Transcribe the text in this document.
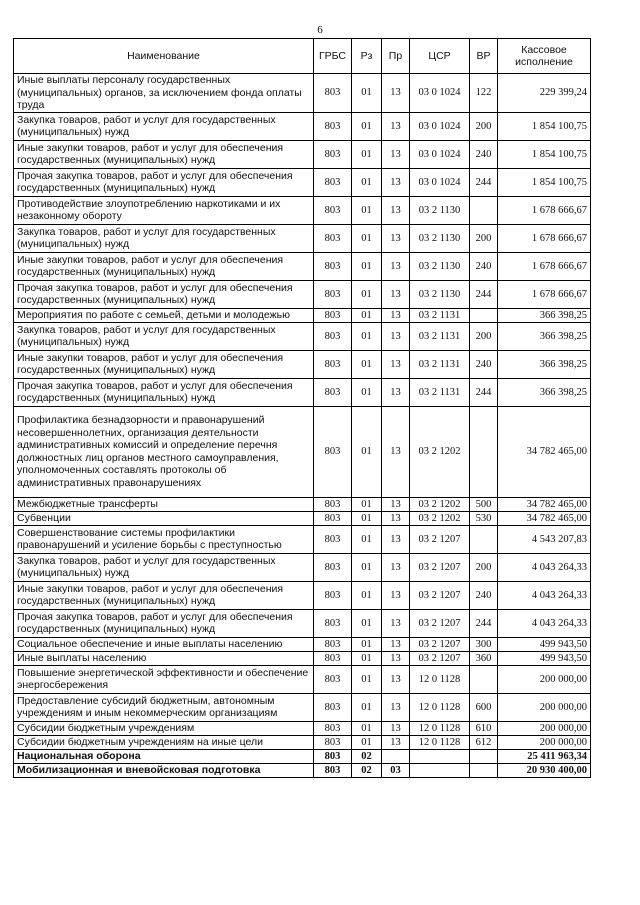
6
Наименование	ГРБС	Рз	Пр	ЦСР	ВР	Кассовое исполнение
Иные выплаты персоналу государственных (муниципальных) органов, за исключением фонда оплаты труда	803	01	13	03 0 1024	122	229 399,24
Закупка товаров, работ и услуг для государственных (муниципальных) нужд	803	01	13	03 0 1024	200	1 854 100,75
Иные закупки товаров, работ и услуг для обеспечения государственных (муниципальных) нужд	803	01	13	03 0 1024	240	1 854 100,75
Прочая закупка товаров, работ и услуг для обеспечения государственных (муниципальных) нужд	803	01	13	03 0 1024	244	1 854 100,75
Противодействие злоупотреблению наркотиками и их незаконному обороту	803	01	13	03 2 1130		1 678 666,67
Закупка товаров, работ и услуг для государственных (муниципальных) нужд	803	01	13	03 2 1130	200	1 678 666,67
Иные закупки товаров, работ и услуг для обеспечения государственных (муниципальных) нужд	803	01	13	03 2 1130	240	1 678 666,67
Прочая закупка товаров, работ и услуг для обеспечения государственных (муниципальных) нужд	803	01	13	03 2 1130	244	1 678 666,67
Мероприятия по работе с семьей, детьми и молодежью	803	01	13	03 2 1131		366 398,25
Закупка товаров, работ и услуг для государственных (муниципальных) нужд	803	01	13	03 2 1131	200	366 398,25
Иные закупки товаров, работ и услуг для обеспечения государственных (муниципальных) нужд	803	01	13	03 2 1131	240	366 398,25
Прочая закупка товаров, работ и услуг для обеспечения государственных (муниципальных) нужд	803	01	13	03 2 1131	244	366 398,25
Профилактика безнадзорности и правонарушений несовершеннолетних, организация деятельности административных комиссий и определение перечня должностных лиц органов местного самоуправления, уполномоченных составлять протоколы об административных правонарушениях	803	01	13	03 2 1202		34 782 465,00
Межбюджетные трансферты	803	01	13	03 2 1202	500	34 782 465,00
Субвенции	803	01	13	03 2 1202	530	34 782 465,00
Совершенствование системы профилактики правонарушений и усиление борьбы с преступностью	803	01	13	03 2 1207		4 543 207,83
Закупка товаров, работ и услуг для государственных (муниципальных) нужд	803	01	13	03 2 1207	200	4 043 264,33
Иные закупки товаров, работ и услуг для обеспечения государственных (муниципальных) нужд	803	01	13	03 2 1207	240	4 043 264,33
Прочая закупка товаров, работ и услуг для обеспечения государственных (муниципальных) нужд	803	01	13	03 2 1207	244	4 043 264,33
Социальное обеспечение и иные выплаты населению	803	01	13	03 2 1207	300	499 943,50
Иные выплаты населению	803	01	13	03 2 1207	360	499 943,50
Повышение энергетической эффективности и обеспечение энергосбережения	803	01	13	12 0 1128		200 000,00
Предоставление субсидий бюджетным, автономным учреждениям и иным некоммерческим организациям	803	01	13	12 0 1128	600	200 000,00
Субсидии бюджетным учреждениям	803	01	13	12 0 1128	610	200 000,00
Субсидии бюджетным учреждениям на иные цели	803	01	13	12 0 1128	612	200 000,00
Национальная оборона	803	02				25 411 963,34
Мобилизационная и вневойсковая подготовка	803	02	03			20 930 400,00
